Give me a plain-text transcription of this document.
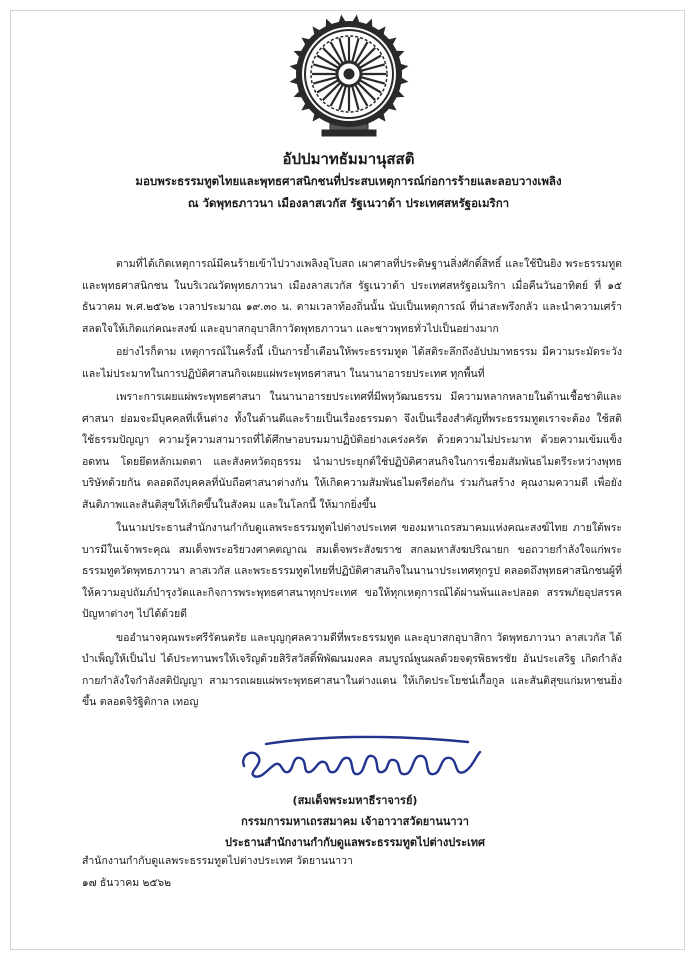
อัปปมาทธัมมานุสสติ

มอบพระธรรมทูตไทยและพุทธศาสนิกชนที่ประสบเหตุการณ์ก่อการร้ายและลอบวางเพลิง

ณ วัดพุทธภาวนา เมืองลาสเวกัส รัฐเนวาด้า ประเทศสหรัฐอเมริกา

ตามที่ได้เกิดเหตุการณ์มีคนร้ายเข้าไปวางเพลิงอุโบสถ เผาศาลที่ประดิษฐานสิ่งศักดิ์สิทธิ์ และใช้ปืนยิง พระธรรมทูตและพุทธศาสนิกชน ในบริเวณวัดพุทธภาวนา เมืองลาสเวกัส รัฐเนวาด้า ประเทศสหรัฐอเมริกา เมื่อคืนวันอาทิตย์ ที่ ๑๕ ธันวาคม พ.ศ.๒๕๖๒ เวลาประมาณ ๑๙.๓๐ น. ตามเวลาท้องถิ่นนั้น นับเป็นเหตุการณ์ ที่น่าสะพรึงกลัว และนำความเศร้าสลดใจให้เกิดแก่คณะสงฆ์ และอุบาสกอุบาสิกาวัดพุทธภาวนา และชาวพุทธทั่วไปเป็นอย่างมาก

อย่างไรก็ตาม เหตุการณ์ในครั้งนี้ เป็นการย้ำเตือนให้พระธรรมทูต ได้สติระลึกถึงอัปปมาทธรรม มีความระมัดระวัง และไม่ประมาทในการปฏิบัติศาสนกิจเผยแผ่พระพุทธศาสนา ในนานาอารยประเทศ ทุกพื้นที่

เพราะการเผยแผ่พระพุทธศาสนา ในนานาอารยประเทศที่มีพหุวัฒนธรรม มีความหลากหลายในด้านเชื้อชาติและศาสนา ย่อมจะมีบุคคลที่เห็นต่าง ทั้งในด้านดีและร้ายเป็นเรื่องธรรมดา จึงเป็นเรื่องสำคัญที่พระธรรมทูตเราจะต้อง ใช้สติ ใช้ธรรมปัญญา ความรู้ความสามารถที่ได้ศึกษาอบรมมาปฏิบัติอย่างเคร่งครัด ด้วยความไม่ประมาท ด้วยความเข้มแข็ง อดทน โดยยึดหลักเมตตา และสังคหวัตถุธรรม นำมาประยุกต์ใช้ปฏิบัติศาสนกิจในการเชื่อมสัมพันธไมตรีระหว่างพุทธบริษัทด้วยกัน ตลอดถึงบุคคลที่นับถือศาสนาต่างกัน ให้เกิดความสัมพันธไมตรีต่อกัน ร่วมกันสร้าง คุณงามความดี เพื่อยังสันติภาพและสันติสุขให้เกิดขึ้นในสังคม และในโลกนี้ ให้มากยิ่งขึ้น

ในนามประธานสำนักงานกำกับดูแลพระธรรมทูตไปต่างประเทศ ของมหาเถรสมาคมแห่งคณะสงฆ์ไทย ภายใต้พระบารมีในเจ้าพระคุณ สมเด็จพระอริยวงศาคตญาณ สมเด็จพระสังฆราช สกลมหาสังฆปริณายก ขอถวายกำลังใจแก่พระธรรมทูตวัดพุทธภาวนา ลาสเวกัส และพระธรรมทูตไทยที่ปฏิบัติศาสนกิจในนานาประเทศทุกรูป ตลอดถึงพุทธศาสนิกชนผู้ที่ ให้ความอุปถัมภ์บำรุงวัดและกิจการพระพุทธศาสนาทุกประเทศ ขอให้ทุกเหตุการณ์ได้ผ่านพ้นและปลอด สรรพภัยอุปสรรคปัญหาต่างๆ ไปได้ด้วยดี

ขออำนาจคุณพระศรีรัตนตรัย และบุญกุศลความดีที่พระธรรมทูต และอุบาสกอุบาสิกา วัดพุทธภาวนา ลาสเวกัส ได้บำเพ็ญให้เป็นไป ได้ประทานพรให้เจริญด้วยสิริสวัสดิ์พิพัฒนมงคล สมบูรณ์พูนผลด้วยจตุรพิธพรชัย อันประเสริฐ เกิดกำลังกายกำลังใจกำลังสติปัญญา สามารถเผยแผ่พระพุทธศาสนาในต่างแดน ให้เกิดประโยชน์เกื้อกูล และสันติสุขแก่มหาชนยิ่งขึ้น ตลอดจิรัฐิติกาล เทอญ

(สมเด็จพระมหาธีราจารย์)
กรรมการมหาเถรสมาคม เจ้าอาวาสวัดยานนาวา
ประธานสำนักงานกำกับดูแลพระธรรมทูตไปต่างประเทศ
สำนักงานกำกับดูแลพระธรรมทูตไปต่างประเทศ วัดยานนาวา
๑๗ ธันวาคม ๒๕๖๒
